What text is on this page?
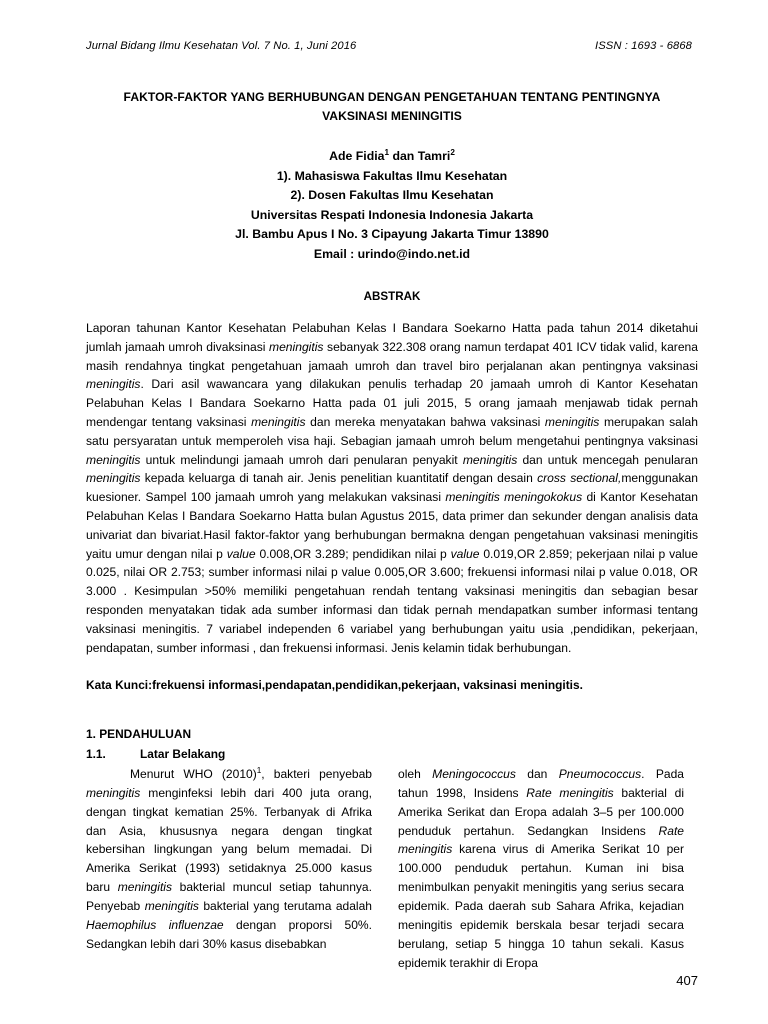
Jurnal Bidang Ilmu Kesehatan Vol. 7 No. 1, Juni 2016	ISSN : 1693 - 6868
FAKTOR-FAKTOR YANG BERHUBUNGAN DENGAN PENGETAHUAN TENTANG PENTINGNYA VAKSINASI MENINGITIS
Ade Fidia$^1$ dan Tamri$^2$
1). Mahasiswa Fakultas Ilmu Kesehatan
2). Dosen Fakultas Ilmu Kesehatan
Universitas Respati Indonesia Indonesia Jakarta
Jl. Bambu Apus I No. 3 Cipayung Jakarta Timur 13890
Email : urindo@indo.net.id
ABSTRAK
Laporan tahunan Kantor Kesehatan Pelabuhan Kelas I Bandara Soekarno Hatta pada tahun 2014 diketahui jumlah jamaah umroh divaksinasi meningitis sebanyak 322.308 orang namun terdapat 401 ICV tidak valid, karena masih rendahnya tingkat pengetahuan jamaah umroh dan travel biro perjalanan akan pentingnya vaksinasi meningitis. Dari asil wawancara yang dilakukan penulis terhadap 20 jamaah umroh di Kantor Kesehatan Pelabuhan Kelas I Bandara Soekarno Hatta pada 01 juli 2015, 5 orang jamaah menjawab tidak pernah mendengar tentang vaksinasi meningitis dan mereka menyatakan bahwa vaksinasi meningitis merupakan salah satu persyaratan untuk memperoleh visa haji. Sebagian jamaah umroh belum mengetahui pentingnya vaksinasi meningitis untuk melindungi jamaah umroh dari penularan penyakit meningitis dan untuk mencegah penularan meningitis kepada keluarga di tanah air. Jenis penelitian kuantitatif dengan desain cross sectional,menggunakan kuesioner. Sampel 100 jamaah umroh yang melakukan vaksinasi meningitis meningokokus di Kantor Kesehatan Pelabuhan Kelas I Bandara Soekarno Hatta bulan Agustus 2015, data primer dan sekunder dengan analisis data univariat dan bivariat.Hasil faktor-faktor yang berhubungan bermakna dengan pengetahuan vaksinasi meningitis yaitu umur dengan nilai p value 0.008,OR 3.289; pendidikan nilai p value 0.019,OR 2.859; pekerjaan nilai p value 0.025, nilai OR 2.753; sumber informasi nilai p value 0.005,OR 3.600; frekuensi informasi nilai p value 0.018, OR 3.000 . Kesimpulan >50% memiliki pengetahuan rendah tentang vaksinasi meningitis dan sebagian besar responden menyatakan tidak ada sumber informasi dan tidak pernah mendapatkan sumber informasi tentang vaksinasi meningitis. 7 variabel independen 6 variabel yang berhubungan yaitu usia ,pendidikan, pekerjaan, pendapatan, sumber informasi , dan frekuensi informasi. Jenis kelamin tidak berhubungan.
Kata Kunci:frekuensi informasi,pendapatan,pendidikan,pekerjaan, vaksinasi meningitis.
1. PENDAHULUAN
1.1.	Latar Belakang

Menurut WHO $(2010)^1$, bakteri penyebab meningitis menginfeksi lebih dari 400 juta orang, dengan tingkat kematian 25%. Terbanyak di Afrika dan Asia, khususnya negara dengan tingkat kebersihan lingkungan yang belum memadai. Di Amerika Serikat (1993) setidaknya 25.000 kasus baru meningitis bakterial muncul setiap tahunnya. Penyebab meningitis bakterial yang terutama adalah Haemophilus influenzae dengan proporsi 50%. Sedangkan lebih dari 30% kasus disebabkan

oleh Meningococcus dan Pneumococcus. Pada tahun 1998, Insidens Rate meningitis bakterial di Amerika Serikat dan Eropa adalah 3–5 per 100.000 penduduk pertahun. Sedangkan Insidens Rate meningitis karena virus di Amerika Serikat 10 per 100.000 penduduk pertahun. Kuman ini bisa menimbulkan penyakit meningitis yang serius secara epidemik. Pada daerah sub Sahara Afrika, kejadian meningitis epidemik berskala besar terjadi secara berulang, setiap 5 hingga 10 tahun sekali. Kasus epidemik terakhir di Eropa

407
